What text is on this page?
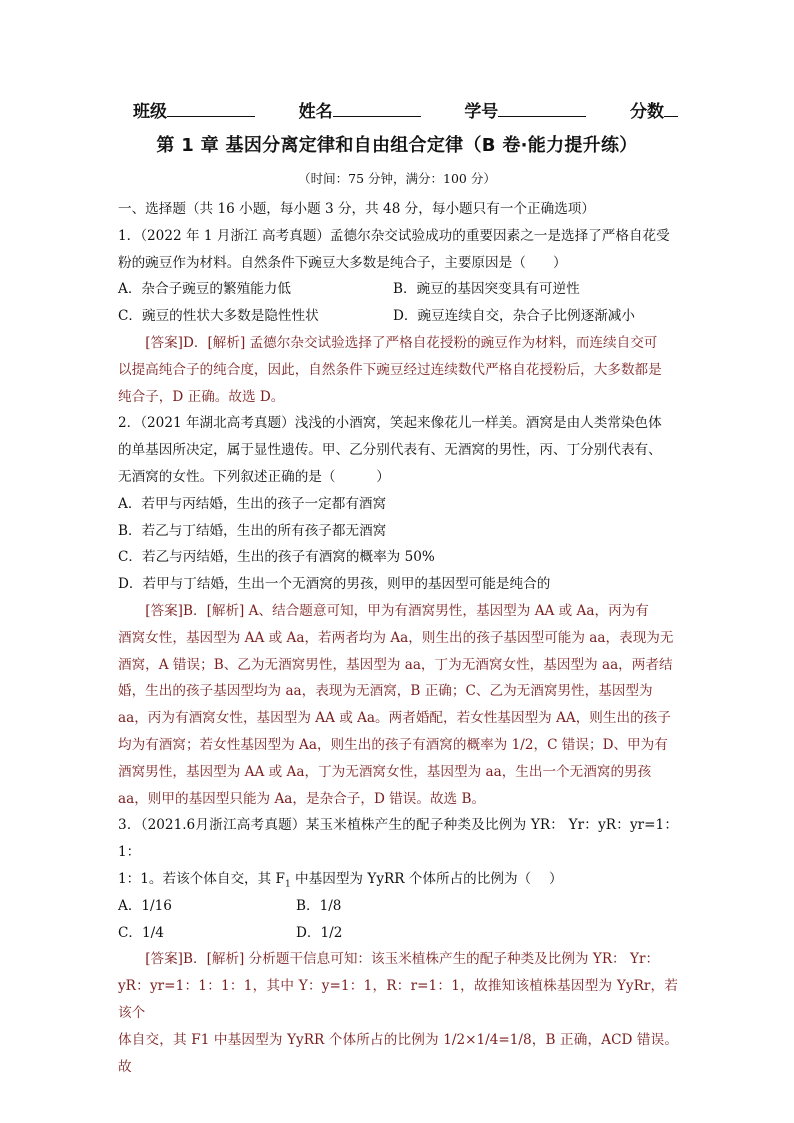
班级	姓名	学号	分数
第 1 章 基因分离定律和自由组合定律（B 卷·能力提升练）
（时间：75 分钟，满分：100 分）

一、选择题（共 16 小题，每小题 3 分，共 48 分，每小题只有一个正确选项）

1．（2022 年 1 月浙江 高考真题）孟德尔杂交试验成功的重要因素之一是选择了严格自花受

粉的豌豆作为材料。自然条件下豌豆大多数是纯合子，主要原因是（　　）

A．杂合子豌豆的繁殖能力低	B．豌豆的基因突变具有可逆性
C．豌豆的性状大多数是隐性性状	D．豌豆连续自交，杂合子比例逐渐减小

[答案]D．[解析] 孟德尔杂交试验选择了严格自花授粉的豌豆作为材料，而连续自交可

以提高纯合子的纯合度，因此，自然条件下豌豆经过连续数代严格自花授粉后，大多数都是

纯合子，D 正确。故选 D。

2．（2021 年湖北高考真题）浅浅的小酒窝，笑起来像花儿一样美。酒窝是由人类常染色体

的单基因所决定，属于显性遗传。甲、乙分别代表有、无酒窝的男性，丙、丁分别代表有、

无酒窝的女性。下列叙述正确的是（　　　）

A．若甲与丙结婚，生出的孩子一定都有酒窝

B．若乙与丁结婚，生出的所有孩子都无酒窝

C．若乙与丙结婚，生出的孩子有酒窝的概率为 50%

D．若甲与丁结婚，生出一个无酒窝的男孩，则甲的基因型可能是纯合的

[答案]B．[解析] A、结合题意可知，甲为有酒窝男性，基因型为 AA 或 Aa，丙为有

酒窝女性，基因型为 AA 或 Aa，若两者均为 Aa，则生出的孩子基因型可能为 aa，表现为无

酒窝，A 错误；B、乙为无酒窝男性，基因型为 aa，丁为无酒窝女性，基因型为 aa，两者结

婚，生出的孩子基因型均为 aa，表现为无酒窝，B 正确；C、乙为无酒窝男性，基因型为

aa，丙为有酒窝女性，基因型为 AA 或 Aa。两者婚配，若女性基因型为 AA，则生出的孩子

均为有酒窝；若女性基因型为 Aa，则生出的孩子有酒窝的概率为 1/2，C 错误；D、甲为有

酒窝男性，基因型为 AA 或 Aa，丁为无酒窝女性，基因型为 aa，生出一个无酒窝的男孩

aa，则甲的基因型只能为 Aa，是杂合子，D 错误。故选 B。

3．（2021.6月浙江高考真题）某玉米植株产生的配子种类及比例为 YR： Yr：yR：yr=1：1：

1：1。若该个体自交，其 $F_1$ 中基因型为 YyRR 个体所占的比例为（　 ）

A．1/16	B．1/8
C．1/4	D．1/2

[答案]B．[解析] 分析题干信息可知：该玉米植株产生的配子种类及比例为 YR： Yr：

yR：yr=1：1：1：1，其中 Y：y=1：1，R：r=1：1，故推知该植株基因型为 YyRr，若该个

体自交，其 F1 中基因型为 YyRR 个体所占的比例为 1/2×1/4=1/8，B 正确，ACD 错误。故
